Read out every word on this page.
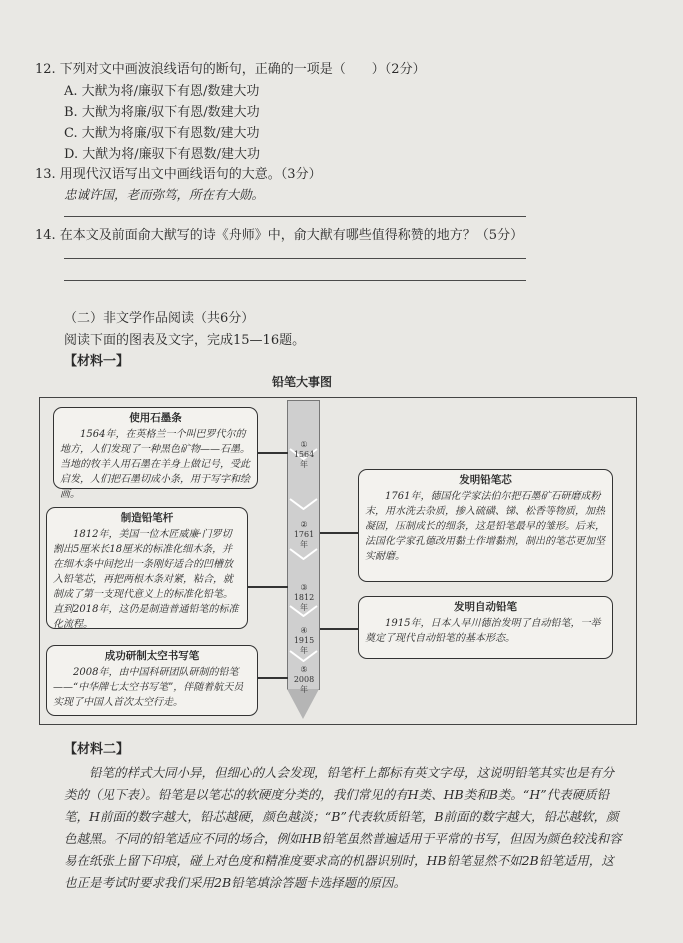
12. 下列对文中画波浪线语句的断句，正确的一项是（　　）（2分）
A. 大猷为将/廉驭下有恩/数建大功
B. 大猷为将廉/驭下有恩/数建大功
C. 大猷为将廉/驭下有恩数/建大功
D. 大猷为将/廉驭下有恩数/建大功
13. 用现代汉语写出文中画线语句的大意。（3分）
忠诚许国，老而弥笃，所在有大勋。
14. 在本文及前面俞大猷写的诗《舟师》中，俞大猷有哪些值得称赞的地方？（5分）
（二）非文学作品阅读（共6分）
阅读下面的图表及文字，完成15—16题。
【材料一】
铅笔大事图
①
1564年
②
1761年
③
1812年
④
1915年
⑤
2008年
使用石墨条
1564年，在英格兰一个叫巴罗代尔的地方，人们发现了一种黑色矿物——石墨。当地的牧羊人用石墨在羊身上做记号，受此启发，人们把石墨切成小条，用于写字和绘画。
发明铅笔芯
1761年，德国化学家法伯尔把石墨矿石研磨成粉末，用水洗去杂质，掺入硫磺、锑、松香等物质，加热凝固，压制成长的细条，这是铅笔最早的雏形。后来，法国化学家孔德改用黏土作增黏剂，制出的笔芯更加坚实耐磨。
制造铅笔杆
1812年，美国一位木匠威廉·门罗切割出5厘米长18厘米的标准化细木条，并在细木条中间挖出一条刚好适合的凹槽放入铅笔芯，再把两根木条对紧，粘合，就制成了第一支现代意义上的标准化铅笔。直到2018年，这仍是制造普通铅笔的标准化流程。
发明自动铅笔
1915年，日本人早川德治发明了自动铅笔，一举奠定了现代自动铅笔的基本形态。
成功研制太空书写笔
2008年，由中国科研团队研制的铅笔——“中华牌七太空书写笔”，伴随着航天员实现了中国人首次太空行走。
【材料二】

铅笔的样式大同小异，但细心的人会发现，铅笔杆上都标有英文字母，这说明铅笔其实也是有分类的（见下表）。铅笔是以笔芯的软硬度分类的，我们常见的有H类、HB类和B类。“H”代表硬质铅笔，H前面的数字越大，铅芯越硬，颜色越淡；“B”代表软质铅笔，B前面的数字越大，铅芯越软，颜色越黑。不同的铅笔适应不同的场合，例如HB铅笔虽然普遍适用于平常的书写，但因为颜色较浅和容易在纸张上留下印痕，碰上对色度和精准度要求高的机器识别时，HB铅笔显然不如2B铅笔适用，这也正是考试时要求我们采用2B铅笔填涂答题卡选择题的原因。
